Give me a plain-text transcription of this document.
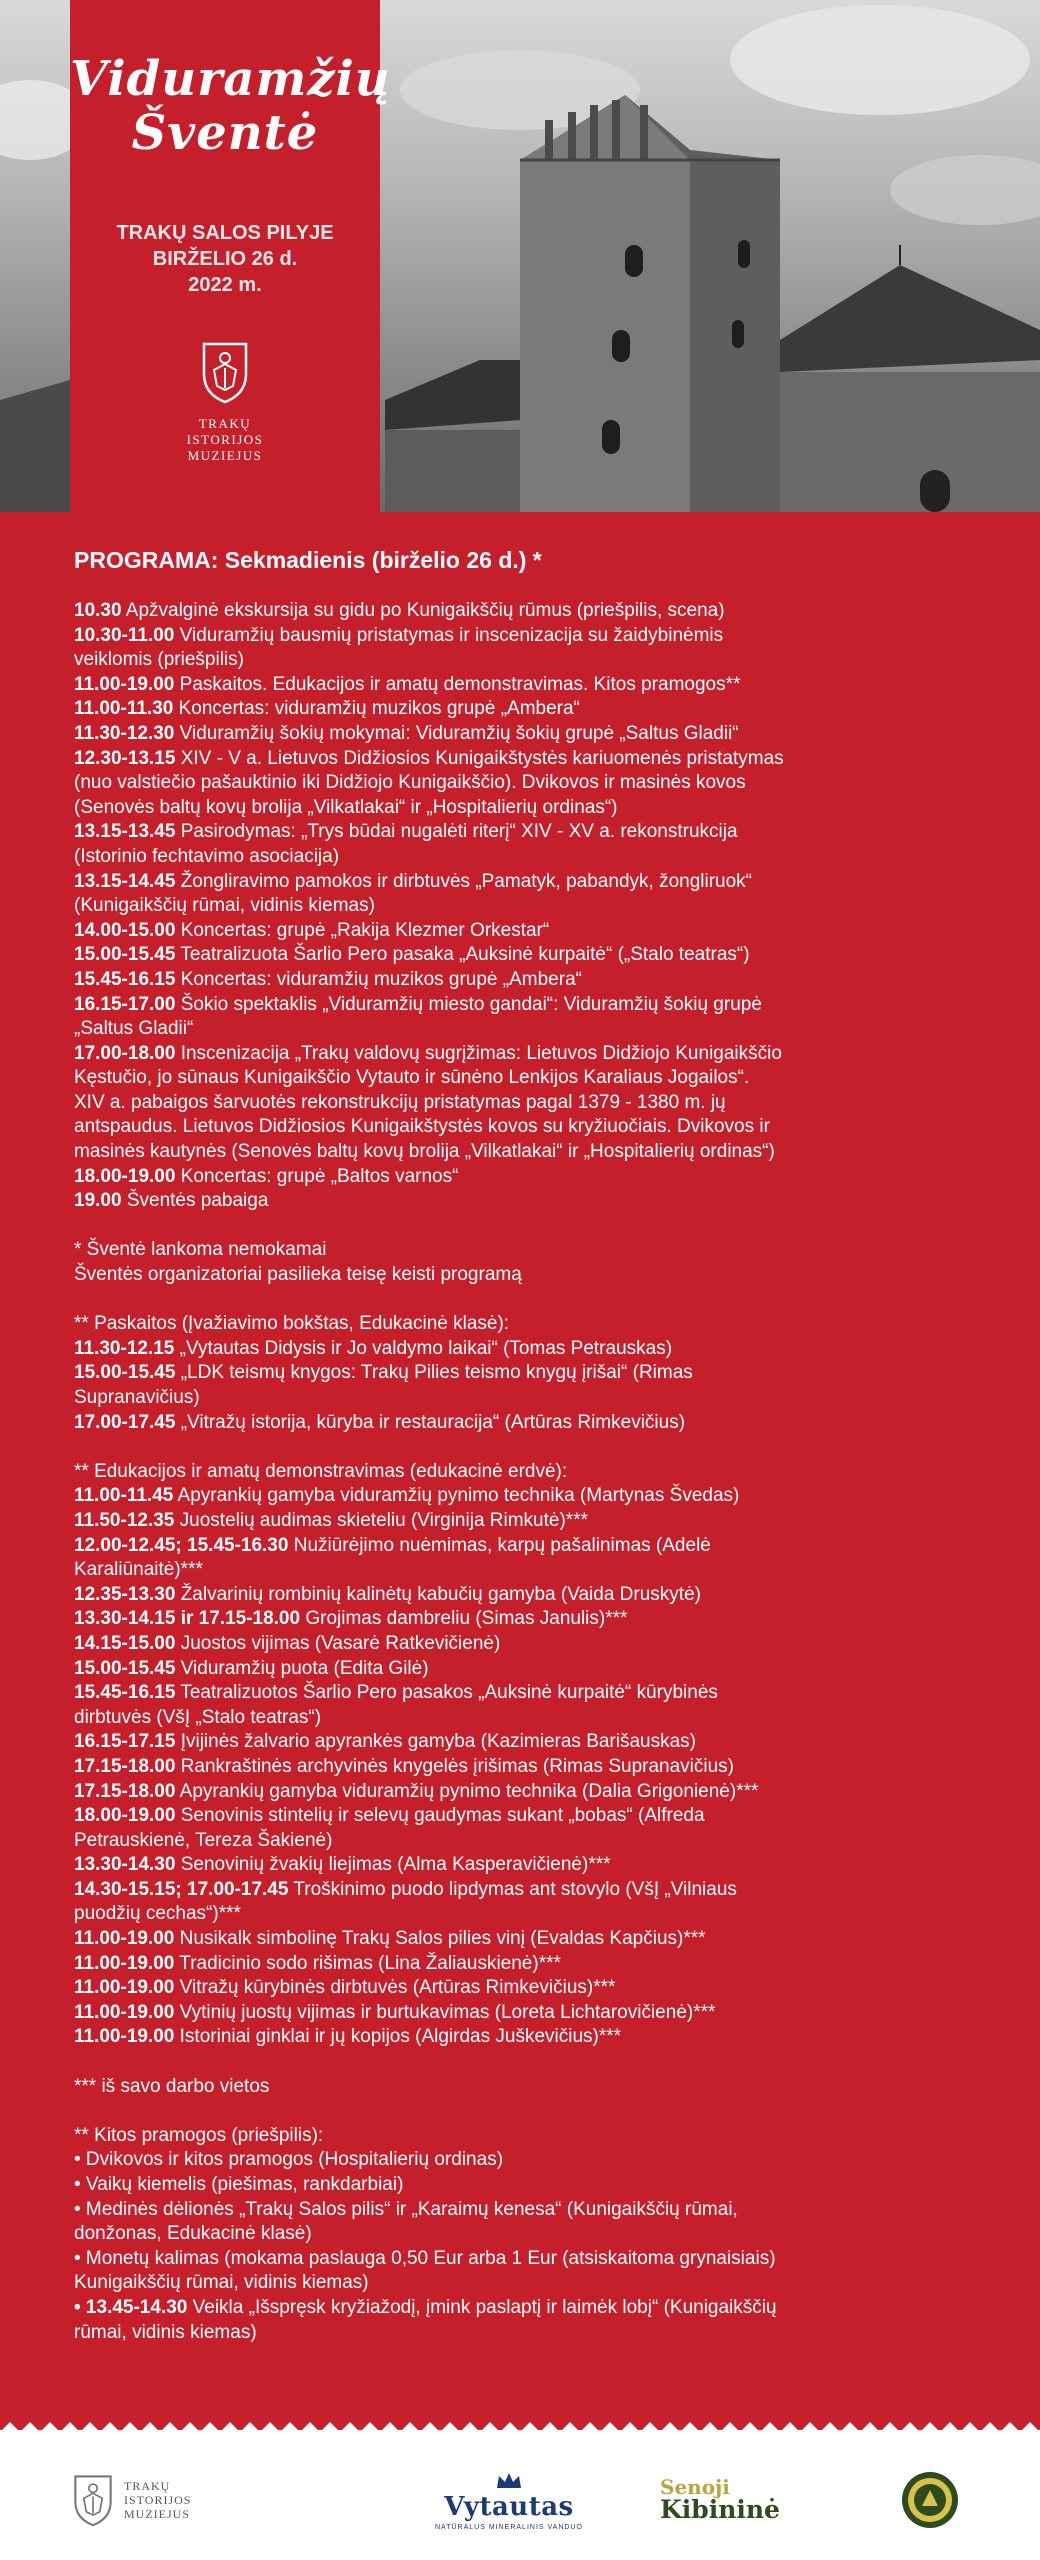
Viduramžių
Šventė
TRAKŲ SALOS PILYJE
BIRŽELIO 26 d.
2022 m.
TRAKŲ
ISTORIJOS
MUZIEJUS
PROGRAMA: Sekmadienis (birželio 26 d.) *
10.30 Apžvalginė ekskursija su gidu po Kunigaikščių rūmus (priešpilis, scena)
10.30-11.00 Viduramžių bausmių pristatymas ir inscenizacija su žaidybinėmis
veiklomis (priešpilis)
11.00-19.00 Paskaitos. Edukacijos ir amatų demonstravimas. Kitos pramogos**
11.00-11.30 Koncertas: viduramžių muzikos grupė „Ambera“
11.30-12.30 Viduramžių šokių mokymai: Viduramžių šokių grupė „Saltus Gladii“
12.30-13.15 XIV - V a. Lietuvos Didžiosios Kunigaikštystės kariuomenės pristatymas
(nuo valstiečio pašauktinio iki Didžiojo Kunigaikščio). Dvikovos ir masinės kovos
(Senovės baltų kovų brolija „Vilkatlakai“ ir „Hospitalierių ordinas“)
13.15-13.45 Pasirodymas: „Trys būdai nugalėti riterį“ XIV - XV a. rekonstrukcija
(Istorinio fechtavimo asociacija)
13.15-14.45 Žongliravimo pamokos ir dirbtuvės „Pamatyk, pabandyk, žongliruok“
(Kunigaikščių rūmai, vidinis kiemas)
14.00-15.00 Koncertas: grupė „Rakija Klezmer Orkestar“
15.00-15.45 Teatralizuota Šarlio Pero pasaka „Auksinė kurpaitė“ („Stalo teatras“)
15.45-16.15 Koncertas: viduramžių muzikos grupė „Ambera“
16.15-17.00 Šokio spektaklis „Viduramžių miesto gandai“: Viduramžių šokių grupė
„Saltus Gladii“
17.00-18.00 Inscenizacija „Trakų valdovų sugrįžimas: Lietuvos Didžiojo Kunigaikščio
Kęstučio, jo sūnaus Kunigaikščio Vytauto ir sūnėno Lenkijos Karaliaus Jogailos“.
XIV a. pabaigos šarvuotės rekonstrukcijų pristatymas pagal 1379 - 1380 m. jų
antspaudus. Lietuvos Didžiosios Kunigaikštystės kovos su kryžiuočiais. Dvikovos ir
masinės kautynės (Senovės baltų kovų brolija „Vilkatlakai“ ir „Hospitalierių ordinas“)
18.00-19.00 Koncertas: grupė „Baltos varnos“
19.00 Šventės pabaiga
* Šventė lankoma nemokamai
Šventės organizatoriai pasilieka teisę keisti programą
** Paskaitos (Įvažiavimo bokštas, Edukacinė klasė):
11.30-12.15 „Vytautas Didysis ir Jo valdymo laikai“ (Tomas Petrauskas)
15.00-15.45 „LDK teismų knygos: Trakų Pilies teismo knygų įrišai“ (Rimas
Supranavičius)
17.00-17.45 „Vitražų istorija, kūryba ir restauracija“ (Artūras Rimkevičius)
** Edukacijos ir amatų demonstravimas (edukacinė erdvė):
11.00-11.45 Apyrankių gamyba viduramžių pynimo technika (Martynas Švedas)
11.50-12.35 Juostelių audimas skieteliu (Virginija Rimkutė)***
12.00-12.45; 15.45-16.30 Nužiūrėjimo nuėmimas, karpų pašalinimas (Adelė
Karaliūnaitė)***
12.35-13.30 Žalvarinių rombinių kalinėtų kabučių gamyba (Vaida Druskytė)
13.30-14.15 ir 17.15-18.00 Grojimas dambreliu (Simas Janulis)***
14.15-15.00 Juostos vijimas (Vasarė Ratkevičienė)
15.00-15.45 Viduramžių puota (Edita Gilė)
15.45-16.15 Teatralizuotos Šarlio Pero pasakos „Auksinė kurpaitė“ kūrybinės
dirbtuvės (VšĮ „Stalo teatras“)
16.15-17.15 Įvijinės žalvario apyrankės gamyba (Kazimieras Barišauskas)
17.15-18.00 Rankraštinės archyvinės knygelės įrišimas (Rimas Supranavičius)
17.15-18.00 Apyrankių gamyba viduramžių pynimo technika (Dalia Grigonienė)***
18.00-19.00 Senovinis stintelių ir selevų gaudymas sukant „bobas“ (Alfreda
Petrauskienė, Tereza Šakienė)
13.30-14.30 Senovinių žvakių liejimas (Alma Kasperavičienė)***
14.30-15.15; 17.00-17.45 Troškinimo puodo lipdymas ant stovylo (VšĮ „Vilniaus
puodžių cechas“)***
11.00-19.00 Nusikalk simbolinę Trakų Salos pilies vinį (Evaldas Kapčius)***
11.00-19.00 Tradicinio sodo rišimas (Lina Žaliauskienė)***
11.00-19.00 Vitražų kūrybinės dirbtuvės (Artūras Rimkevičius)***
11.00-19.00 Vytinių juostų vijimas ir burtukavimas (Loreta Lichtarovičienė)***
11.00-19.00 Istoriniai ginklai ir jų kopijos (Algirdas Juškevičius)***
*** iš savo darbo vietos
** Kitos pramogos (priešpilis):
• Dvikovos ir kitos pramogos (Hospitalierių ordinas)
• Vaikų kiemelis (piešimas, rankdarbiai)
• Medinės dėlionės „Trakų Salos pilis“ ir „Karaimų kenesa“ (Kunigaikščių rūmai,
donžonas, Edukacinė klasė)
• Monetų kalimas (mokama paslauga 0,50 Eur arba 1 Eur (atsiskaitoma grynaisiais)
Kunigaikščių rūmai, vidinis kiemas)
• 13.45-14.30 Veikla „Išspręsk kryžiažodį, įmink paslaptį ir laimėk lobį“ (Kunigaikščių
rūmai, vidinis kiemas)
TRAKŲ
ISTORIJOS
MUZIEJUS	Vytautas
NATŪRALUS MINERALINIS VANDUO
Senoji
Kibininė
